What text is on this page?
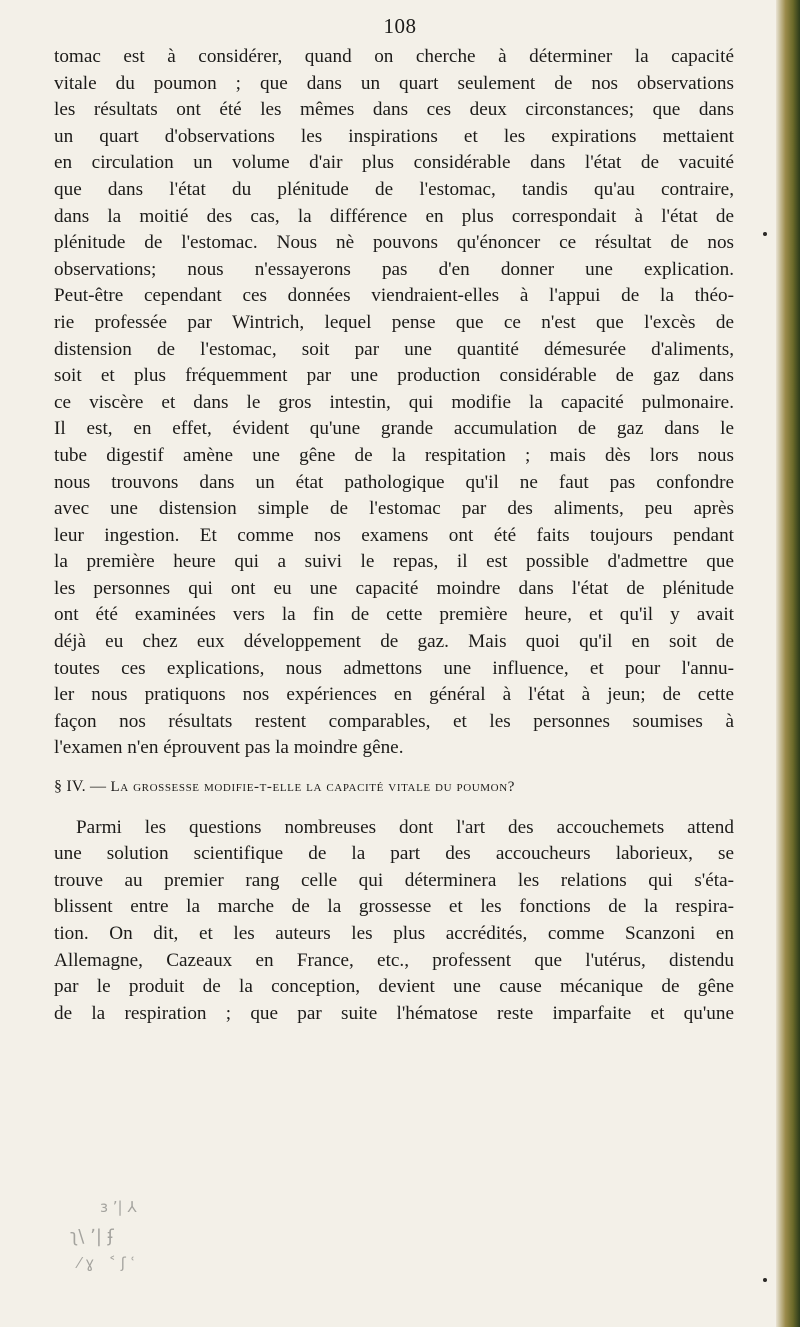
108
tomac est à considérer, quand on cherche à déterminer la capacité
vitale du poumon ; que dans un quart seulement de nos observations
les résultats ont été les mêmes dans ces deux circonstances; que dans
un quart d'observations les inspirations et les expirations mettaient
en circulation un volume d'air plus considérable dans l'état de vacuité
que dans l'état du plénitude de l'estomac, tandis qu'au contraire,
dans la moitié des cas, la différence en plus correspondait à l'état de
plénitude de l'estomac. Nous nè pouvons qu'énoncer ce résultat de nos
observations; nous n'essayerons pas d'en donner une explication.
Peut-être cependant ces données viendraient-elles à l'appui de la théo-
rie professée par Wintrich, lequel pense que ce n'est que l'excès de
distension de l'estomac, soit par une quantité démesurée d'aliments,
soit et plus fréquemment par une production considérable de gaz dans
ce viscère et dans le gros intestin, qui modifie la capacité pulmonaire.
Il est, en effet, évident qu'une grande accumulation de gaz dans le
tube digestif amène une gêne de la respitation ; mais dès lors nous
nous trouvons dans un état pathologique qu'il ne faut pas confondre
avec une distension simple de l'estomac par des aliments, peu après
leur ingestion. Et comme nos examens ont été faits toujours pendant
la première heure qui a suivi le repas, il est possible d'admettre que
les personnes qui ont eu une capacité moindre dans l'état de plénitude
ont été examinées vers la fin de cette première heure, et qu'il y avait
déjà eu chez eux développement de gaz. Mais quoi qu'il en soit de
toutes ces explications, nous admettons une influence, et pour l'annu-
ler nous pratiquons nos expériences en général à l'état à jeun; de cette
façon nos résultats restent comparables, et les personnes soumises à
l'examen n'en éprouvent pas la moindre gêne.
§ IV. — La grossesse modifie-t-elle la capacité vitale du poumon?
Parmi les questions nombreuses dont l'art des accouchemets attend
une solution scientifique de la part des accoucheurs laborieux, se
trouve au premier rang celle qui déterminera les relations qui s'éta-
blissent entre la marche de la grossesse et les fonctions de la respira-
tion. On dit, et les auteurs les plus accrédités, comme Scanzoni en
Allemagne, Cazeaux en France, etc., professent que l'utérus, distendu
par le produit de la conception, devient une cause mécanique de gêne
de la respiration ; que par suite l'hématose reste imparfaite et qu'une
ɜ ʼ| ⅄
ʅ\ ʼ| ʄ
⁄ ɣ   ˂ ʃ ʿ
